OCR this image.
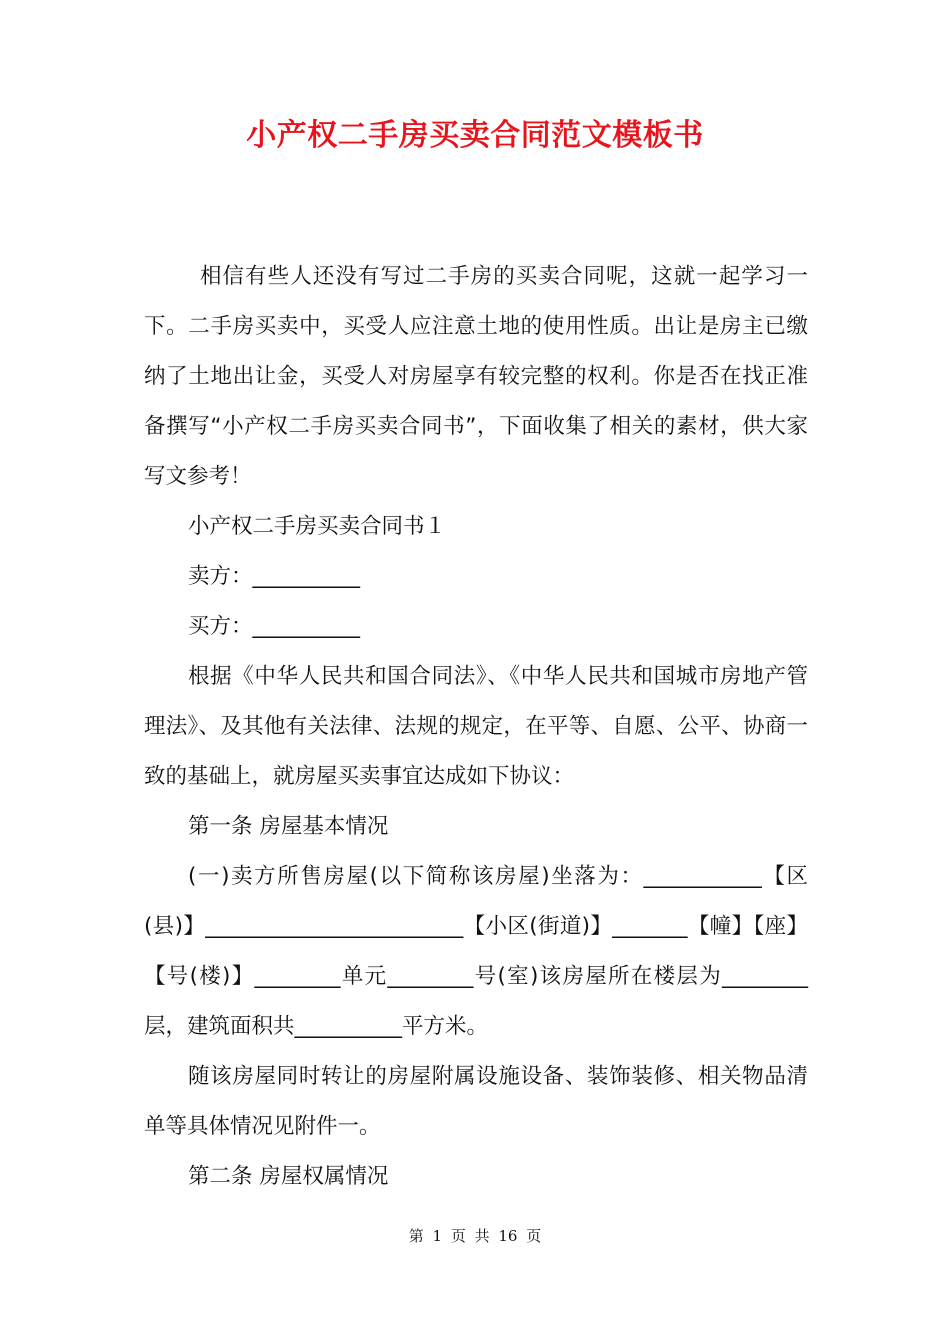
小产权二手房买卖合同范文模板书

相信有些人还没有写过二手房的买卖合同呢，这就一起学习一下。二手房买卖中，买受人应注意土地的使用性质。出让是房主已缴纳了土地出让金，买受人对房屋享有较完整的权利。你是否在找正准备撰写“小产权二手房买卖合同书”，下面收集了相关的素材，供大家写文参考！

小产权二手房买卖合同书１

卖方：__________

买方：__________

根据《中华人民共和国合同法》、《中华人民共和国城市房地产管理法》、及其他有关法律、法规的规定，在平等、自愿、公平、协商一致的基础上，就房屋买卖事宜达成如下协议：

第一条 房屋基本情况

(一)卖方所售房屋(以下简称该房屋)坐落为：___________【区(县)】________________________【小区(街道)】_______【幢】【座】【号(楼)】________单元________号(室)该房屋所在楼层为________层，建筑面积共__________平方米。

随该房屋同时转让的房屋附属设施设备、装饰装修、相关物品清单等具体情况见附件一。

第二条 房屋权属情况

第 1 页 共 16 页
